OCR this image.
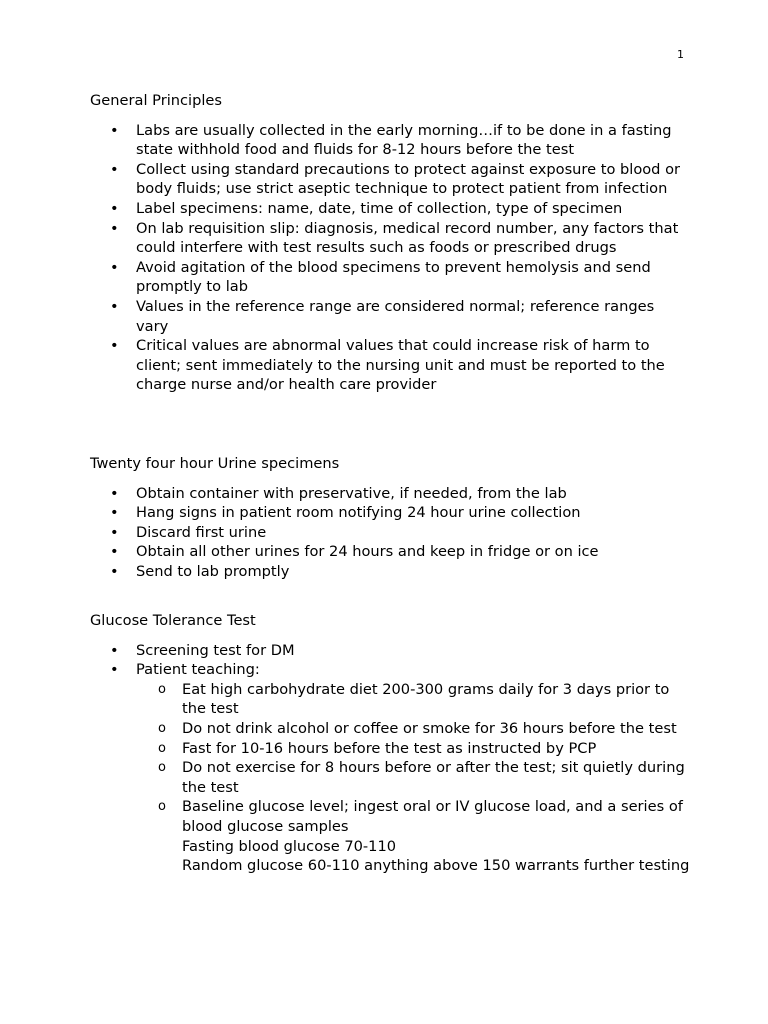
1

General Principles

• Labs are usually collected in the early morning…if to be done in a fasting state withhold food and fluids for 8-12 hours before the test
• Collect using standard precautions to protect against exposure to blood or body fluids; use strict aseptic technique to protect patient from infection
• Label specimens: name, date, time of collection, type of specimen
• On lab requisition slip: diagnosis, medical record number, any factors that could interfere with test results such as foods or prescribed drugs
• Avoid agitation of the blood specimens to prevent hemolysis and send promptly to lab
• Values in the reference range are considered normal; reference ranges vary
• Critical values are abnormal values that could increase risk of harm to client; sent immediately to the nursing unit and must be reported to the charge nurse and/or health care provider

Twenty four hour Urine specimens

• Obtain container with preservative, if needed, from the lab
• Hang signs in patient room notifying 24 hour urine collection
• Discard first urine
• Obtain all other urines for 24 hours and keep in fridge or on ice
• Send to lab promptly

Glucose Tolerance Test

• Screening test for DM
• Patient teaching:
o Eat high carbohydrate diet 200-300 grams daily for 3 days prior to the test
o Do not drink alcohol or coffee or smoke for 36 hours before the test
o Fast for 10-16 hours before the test as instructed by PCP
o Do not exercise for 8 hours before or after the test; sit quietly during the test
o Baseline glucose level; ingest oral or IV glucose load, and a series of blood glucose samples
Fasting blood glucose 70-110
Random glucose 60-110 anything above 150 warrants further testing
